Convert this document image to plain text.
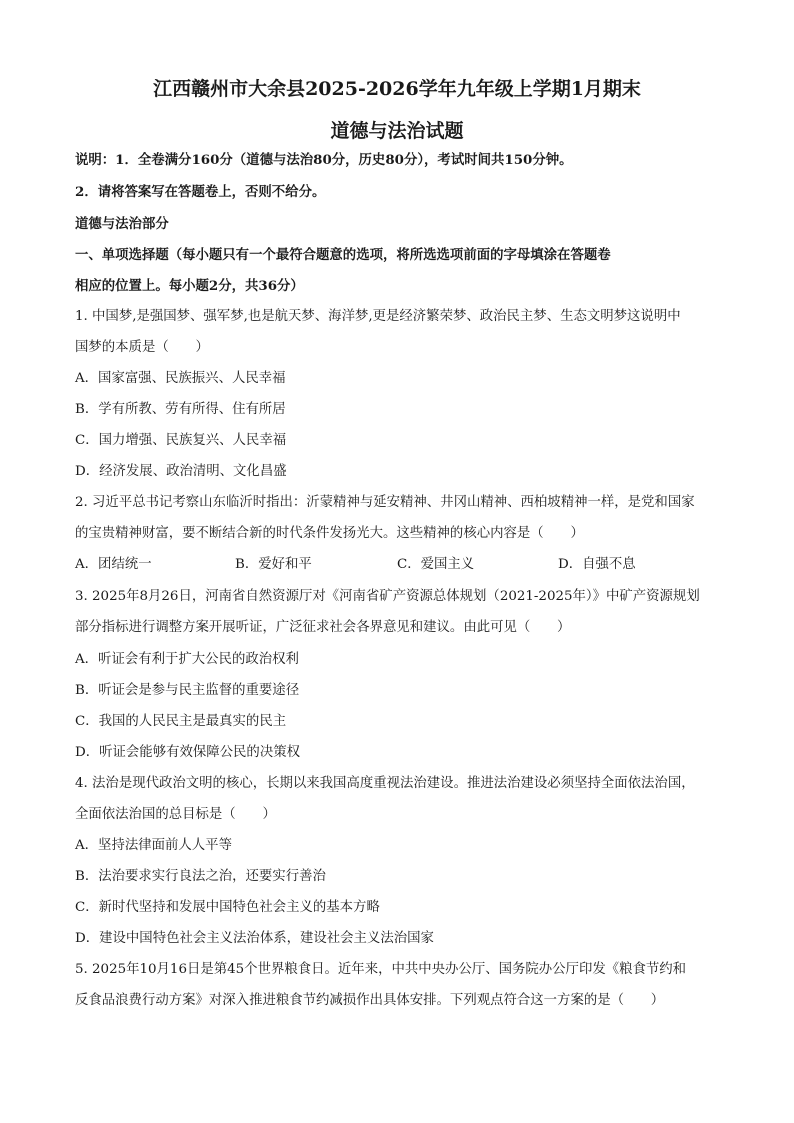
江西赣州市大余县2025-2026学年九年级上学期1月期末
道德与法治试题
说明：1．全卷满分160分（道德与法治80分，历史80分），考试时间共150分钟。
2．请将答案写在答题卷上，否则不给分。
道德与法治部分
一、单项选择题（每小题只有一个最符合题意的选项，将所选选项前面的字母填涂在答题卷
相应的位置上。每小题2分，共36分）
1. 中国梦,是强国梦、强军梦,也是航天梦、海洋梦,更是经济繁荣梦、政治民主梦、生态文明梦这说明中
国梦的本质是（　　）
A．国家富强、民族振兴、人民幸福
B．学有所教、劳有所得、住有所居
C．国力增强、民族复兴、人民幸福
D．经济发展、政治清明、文化昌盛
2. 习近平总书记考察山东临沂时指出：沂蒙精神与延安精神、井冈山精神、西柏坡精神一样，是党和国家
的宝贵精神财富，要不断结合新的时代条件发扬光大。这些精神的核心内容是（　　）
A．团结统一	B．爱好和平	C．爱国主义	D．自强不息
3. 2025年8月26日，河南省自然资源厅对《河南省矿产资源总体规划（2021-2025年）》中矿产资源规划
部分指标进行调整方案开展听证，广泛征求社会各界意见和建议。由此可见（　　）
A．听证会有利于扩大公民的政治权利
B．听证会是参与民主监督的重要途径
C．我国的人民民主是最真实的民主
D．听证会能够有效保障公民的决策权
4. 法治是现代政治文明的核心，长期以来我国高度重视法治建设。推进法治建设必须坚持全面依法治国，
全面依法治国的总目标是（　　）
A．坚持法律面前人人平等
B．法治要求实行良法之治，还要实行善治
C．新时代坚持和发展中国特色社会主义的基本方略
D．建设中国特色社会主义法治体系，建设社会主义法治国家
5. 2025年10月16日是第45个世界粮食日。近年来，中共中央办公厅、国务院办公厅印发《粮食节约和
反食品浪费行动方案》对深入推进粮食节约减损作出具体安排。下列观点符合这一方案的是（　　）
